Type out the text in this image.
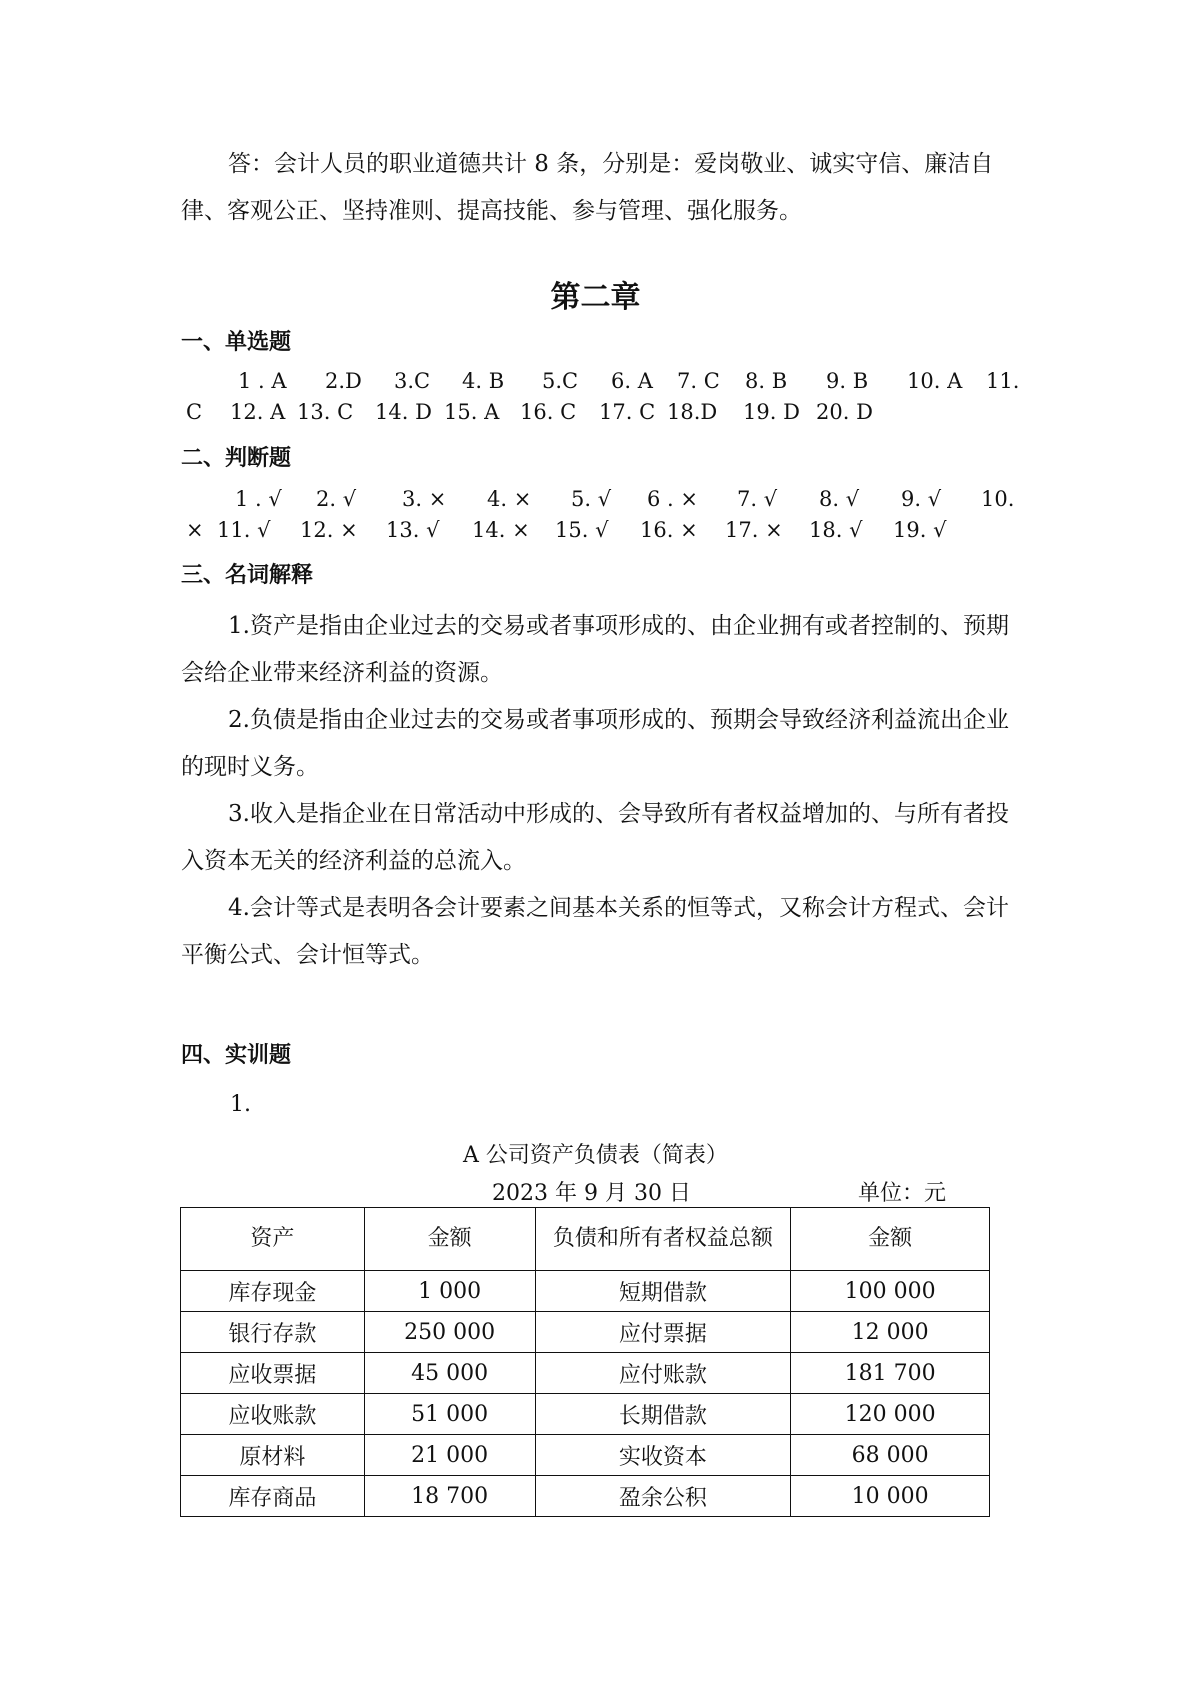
答：会计人员的职业道德共计 8 条，分别是：爱岗敬业、诚实守信、廉洁自律、客观公正、坚持准则、提高技能、参与管理、强化服务。

第二章
一、单选题
1 . A 2.D 3.C 4. B 5.C 6. A 7. C 8. B 9. B 10. A 11.
C 12. A 13. C 14. D 15. A 16. C 17. C 18.D 19. D 20. D
二、判断题
1 . √ 2. √ 3. × 4. × 5. √ 6 . × 7. √ 8. √ 9. √ 10.
× 11. √ 12. × 13. √ 14. × 15. √ 16. × 17. × 18. √ 19. √
三、名词解释

1.资产是指由企业过去的交易或者事项形成的、由企业拥有或者控制的、预期会给企业带来经济利益的资源。

2.负债是指由企业过去的交易或者事项形成的、预期会导致经济利益流出企业的现时义务。

3.收入是指企业在日常活动中形成的、会导致所有者权益增加的、与所有者投入资本无关的经济利益的总流入。

4.会计等式是表明各会计要素之间基本关系的恒等式，又称会计方程式、会计平衡公式、会计恒等式。

四、实训题
1.
A 公司资产负债表（简表）
2023 年 9 月 30 日	单位：元
资产	金额	负债和所有者权益总额	金额
库存现金	1 000	短期借款	100 000
银行存款	250 000	应付票据	12 000
应收票据	45 000	应付账款	181 700
应收账款	51 000	长期借款	120 000
原材料	21 000	实收资本	68 000
库存商品	18 700	盈余公积	10 000
